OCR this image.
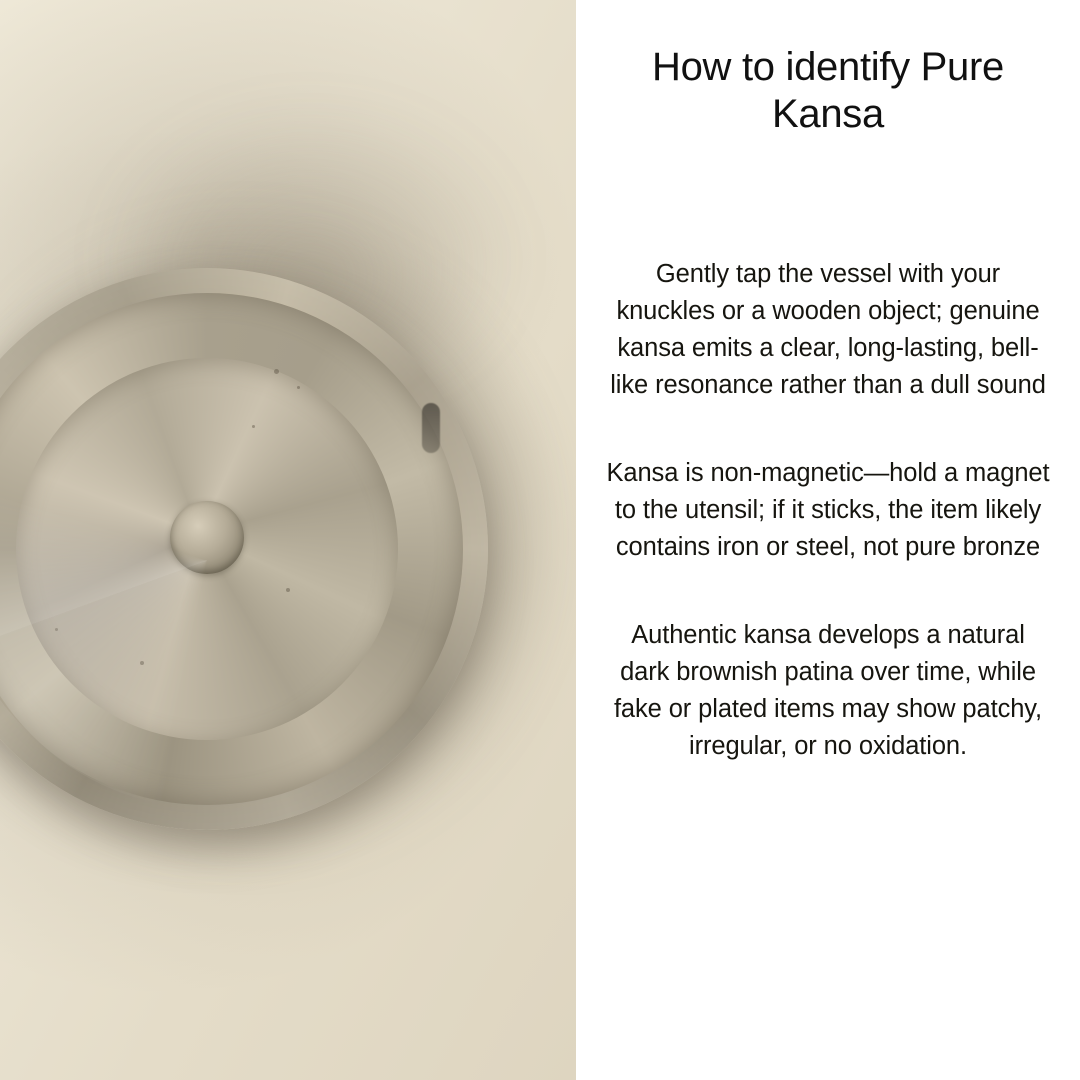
How to identify Pure Kansa

Gently tap the vessel with your knuckles or a wooden object; genuine kansa emits a clear, long-lasting, bell-like resonance rather than a dull sound

Kansa is non-magnetic—hold a magnet to the utensil; if it sticks, the item likely contains iron or steel, not pure bronze

Authentic kansa develops a natural dark brownish patina over time, while fake or plated items may show patchy, irregular, or no oxidation.
